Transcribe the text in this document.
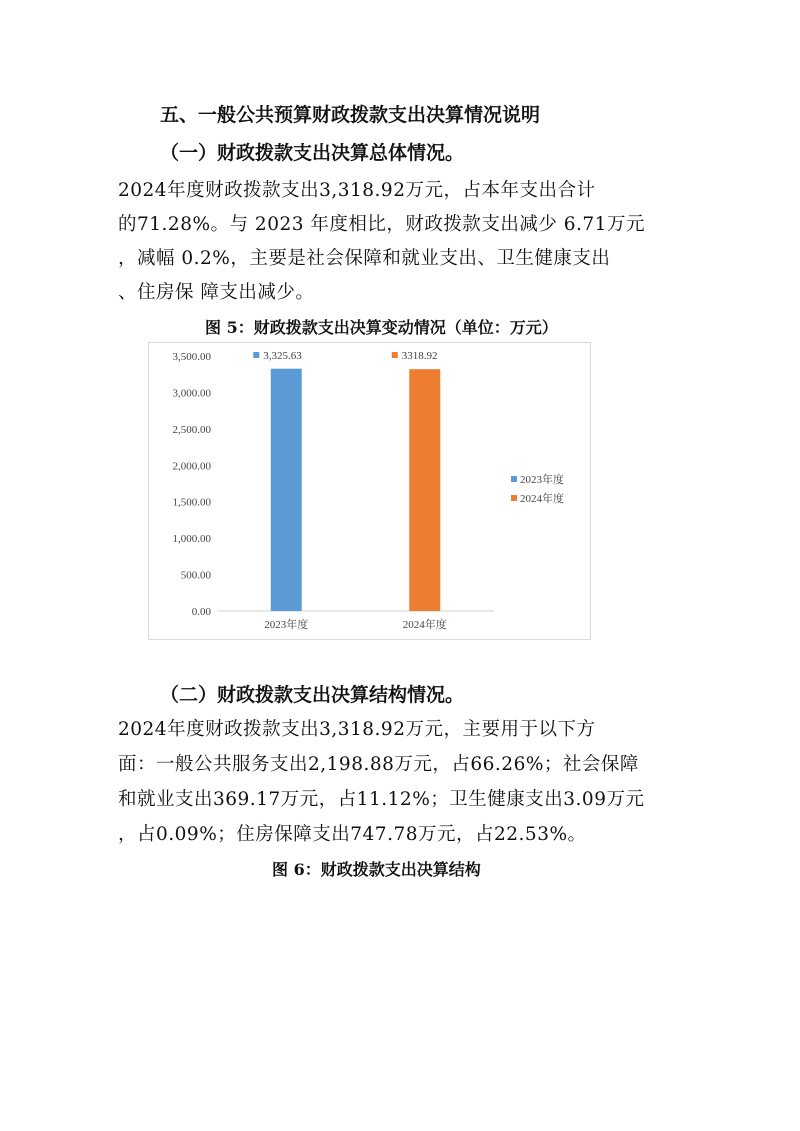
五、一般公共预算财政拨款支出决算情况说明
（一）财政拨款支出决算总体情况。
2024年度财政拨款支出3,318.92万元，占本年支出合计
的71.28%。与 2023 年度相比，财政拨款支出减少 6.71万元
，减幅 0.2%，主要是社会保障和就业支出、卫生健康支出
、住房保 障支出减少。
图 5：财政拨款支出决算变动情况（单位：万元）
0.00
500.00
1,000.00
1,500.00
2,000.00
2,500.00
3,000.00
3,500.00	3,325.63
2023年度
3318.92
2024年度
2023年度
2024年度
（二）财政拨款支出决算结构情况。
2024年度财政拨款支出3,318.92万元，主要用于以下方
面：一般公共服务支出2,198.88万元，占66.26%；社会保障
和就业支出369.17万元，占11.12%；卫生健康支出3.09万元
，占0.09%；住房保障支出747.78万元，占22.53%。
图 6：财政拨款支出决算结构
